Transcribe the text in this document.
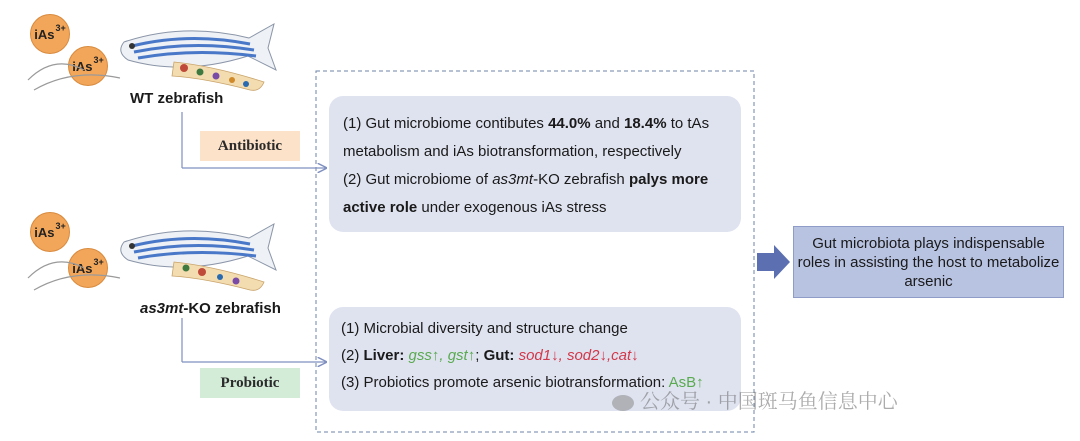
iAs$^{3+}$
iAs$^{3+}$
WT zebrafish
iAs$^{3+}$
iAs$^{3+}$
as3mt-KO zebrafish
Antibiotic
Probiotic
(1) Gut microbiome contibutes 44.0% and 18.4% to tAs
metabolism and iAs biotransformation, respectively
(2) Gut microbiome of as3mt-KO zebrafish palys more
active role under exogenous iAs stress
(1) Microbial diversity and structure change
(2) Liver: gss↑, gst↑; Gut: sod1↓, sod2↓,cat↓
(3) Probiotics promote arsenic biotransformation: AsB↑
Gut microbiota plays indispensable roles in assisting the host to metabolize arsenic
公众号 · 中国斑马鱼信息中心
